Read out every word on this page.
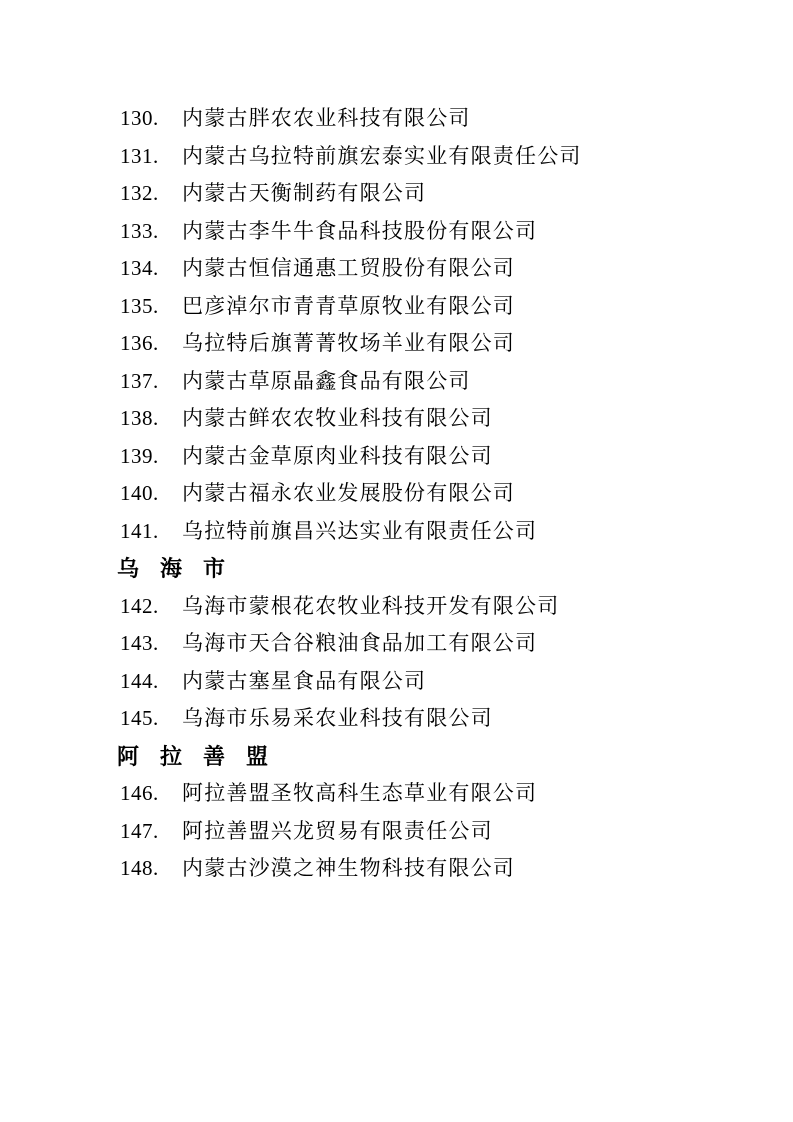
130.	内蒙古胖农农业科技有限公司
131.	内蒙古乌拉特前旗宏泰实业有限责任公司
132.	内蒙古天衡制药有限公司
133.	内蒙古李牛牛食品科技股份有限公司
134.	内蒙古恒信通惠工贸股份有限公司
135.	巴彦淖尔市青青草原牧业有限公司
136.	乌拉特后旗菁菁牧场羊业有限公司
137.	内蒙古草原晶鑫食品有限公司
138.	内蒙古鲜农农牧业科技有限公司
139.	内蒙古金草原肉业科技有限公司
140.	内蒙古福永农业发展股份有限公司
141.	乌拉特前旗昌兴达实业有限责任公司
乌海市
142.	乌海市蒙根花农牧业科技开发有限公司
143.	乌海市天合谷粮油食品加工有限公司
144.	内蒙古塞星食品有限公司
145.	乌海市乐易采农业科技有限公司
阿拉善盟
146.	阿拉善盟圣牧高科生态草业有限公司
147.	阿拉善盟兴龙贸易有限责任公司
148.	内蒙古沙漠之神生物科技有限公司
